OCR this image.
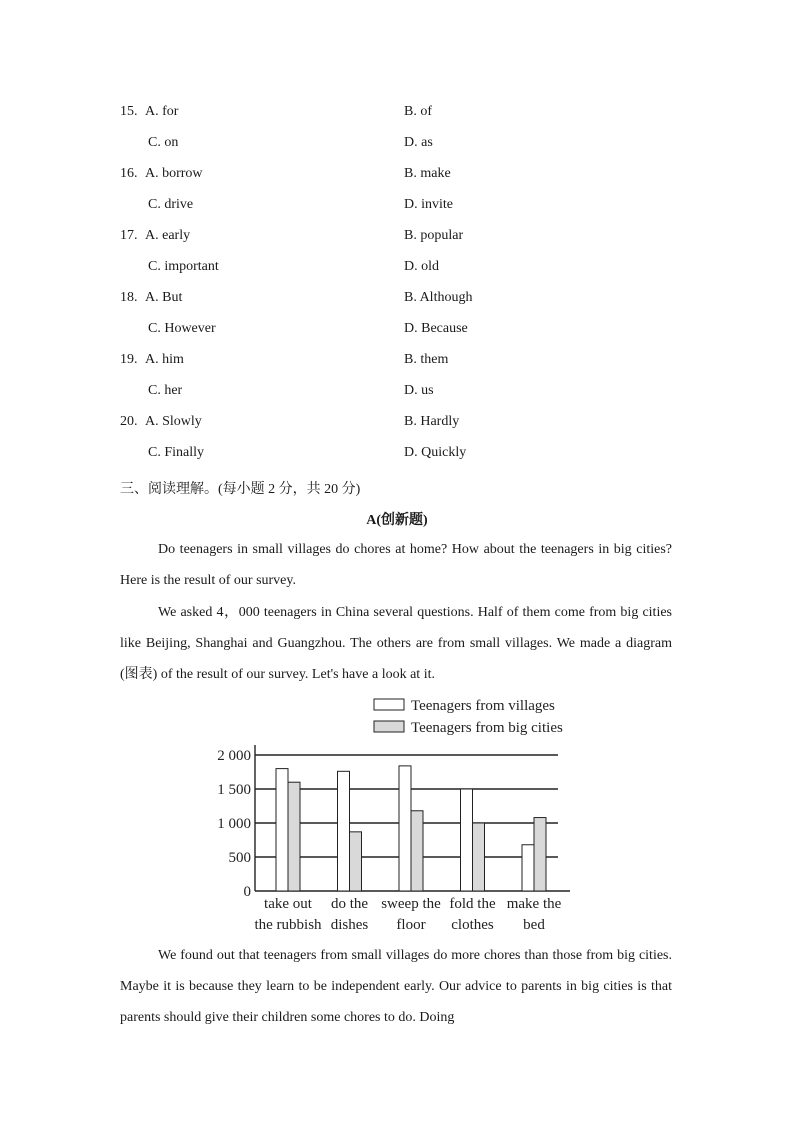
15. A. for	B. of
C. on	D. as
16. A. borrow	B. make
C. drive	D. invite
17. A. early	B. popular
C. important	D. old
18. A. But	B. Although
C. However	D. Because
19. A. him	B. them
C. her	D. us
20. A. Slowly	B. Hardly
C. Finally	D. Quickly
三、阅读理解。(每小题 2 分，共 20 分)
A(创新题)
Do teenagers in small villages do chores at home? How about the teenagers in big cities? Here is the result of our survey.
We asked 4，000 teenagers in China several questions. Half of them come from big cities like Beijing, Shanghai and Guangzhou. The others are from small villages. We made a diagram (图表) of the result of our survey. Let's have a look at it.
2 000
1 500
1 000
500
0
take out
the rubbish
do the
dishes
sweep the
floor
fold the
clothes
make the
bed
Teenagers from villages
Teenagers from big cities
We found out that teenagers from small villages do more chores than those from big cities. Maybe it is because they learn to be independent early. Our advice to parents in big cities is that parents should give their children some chores to do. Doing
